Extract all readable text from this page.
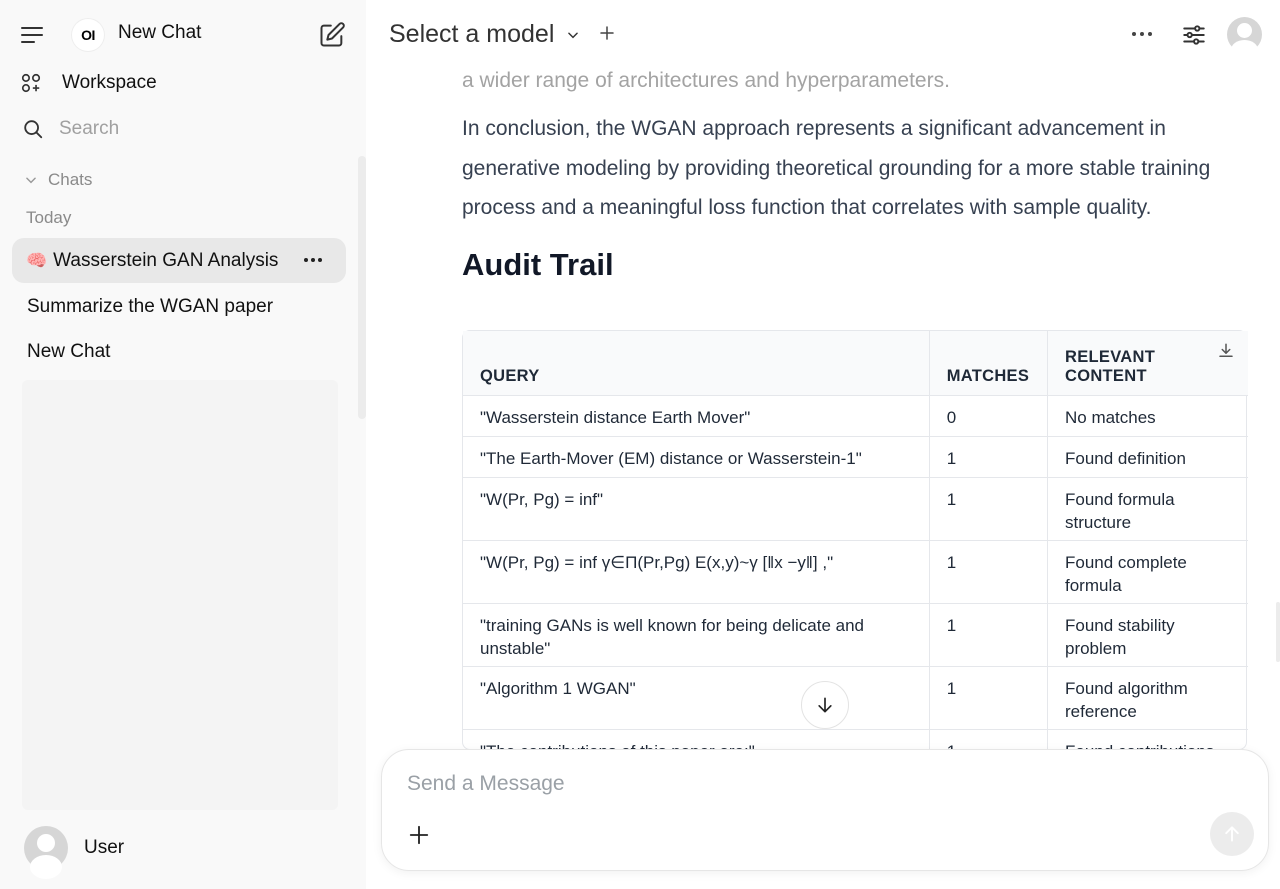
OI	New Chat
Workspace
Search
Chats
Today
🧠 Wasserstein GAN Analysis
Summarize the WGAN paper
New Chat
User
Select a model

a wider range of architectures and hyperparameters.

In conclusion, the WGAN approach represents a significant advancement in generative modeling by providing theoretical grounding for a more stable training process and a meaningful loss function that correlates with sample quality.

Audit Trail
QUERY	MATCHES	RELEVANT CONTENT

"Wasserstein distance Earth Mover"	0	No matches
"The Earth-Mover (EM) distance or Wasserstein-1"	1	Found definition
"W(Pr, Pg) = inf"	1	Found formula structure
"W(Pr, Pg) = inf γ∈Π(Pr,Pg) E(x,y)~γ [ǁx −yǁ] ,"	1	Found complete formula
"training GANs is well known for being delicate and unstable"	1	Found stability problem
"Algorithm 1 WGAN"	1	Found algorithm reference

Send a Message
